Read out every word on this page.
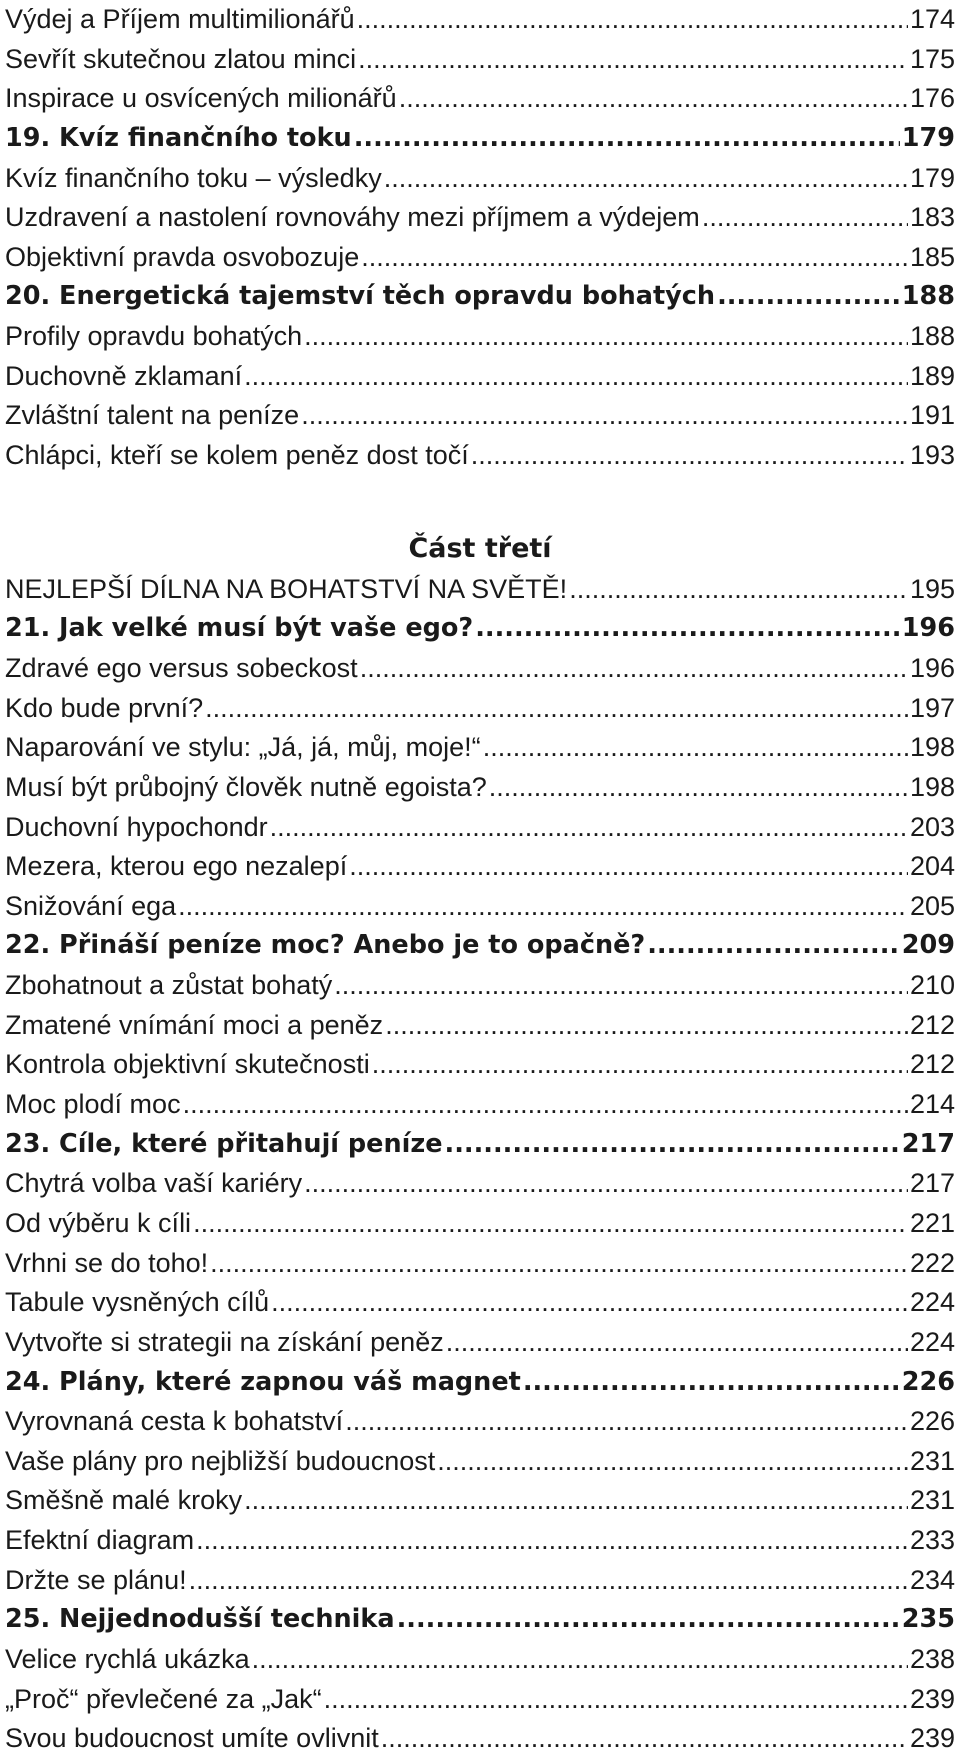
Výdej a Příjem multimilionářů .....	174
Sevřít skutečnou zlatou minci .....	175
Inspirace u osvícených milionářů .....	176
19. Kvíz finančního toku .....	179
Kvíz finančního toku – výsledky .....	179
Uzdravení a nastolení rovnováhy mezi příjmem a výdejem .....	183
Objektivní pravda osvobozuje .....	185
20. Energetická tajemství těch opravdu bohatých .....	188
Profily opravdu bohatých .....	188
Duchovně zklamaní .....	189
Zvláštní talent na peníze .....	191
Chlápci, kteří se kolem peněz dost točí .....	193
Část třetí
NEJLEPŠÍ DÍLNA NA BOHATSTVÍ NA SVĚTĚ! .....	195
21. Jak velké musí být vaše ego? .....	196
Zdravé ego versus sobeckost .....	196
Kdo bude první? .....	197
Naparování ve stylu: „Já, já, můj, moje!“ .....	198
Musí být průbojný člověk nutně egoista? .....	198
Duchovní hypochondr .....	203
Mezera, kterou ego nezalepí .....	204
Snižování ega .....	205
22. Přináší peníze moc? Anebo je to opačně? .....	209
Zbohatnout a zůstat bohatý .....	210
Zmatené vnímání moci a peněz .....	212
Kontrola objektivní skutečnosti .....	212
Moc plodí moc .....	214
23. Cíle, které přitahují peníze .....	217
Chytrá volba vaší kariéry .....	217
Od výběru k cíli .....	221
Vrhni se do toho! .....	222
Tabule vysněných cílů .....	224
Vytvořte si strategii na získání peněz .....	224
24. Plány, které zapnou váš magnet .....	226
Vyrovnaná cesta k bohatství .....	226
Vaše plány pro nejbližší budoucnost .....	231
Směšně malé kroky .....	231
Efektní diagram .....	233
Držte se plánu! .....	234
25. Nejjednodušší technika .....	235
Velice rychlá ukázka .....	238
„Proč“ převlečené za „Jak“ .....	239
Svou budoucnost umíte ovlivnit .....	239
